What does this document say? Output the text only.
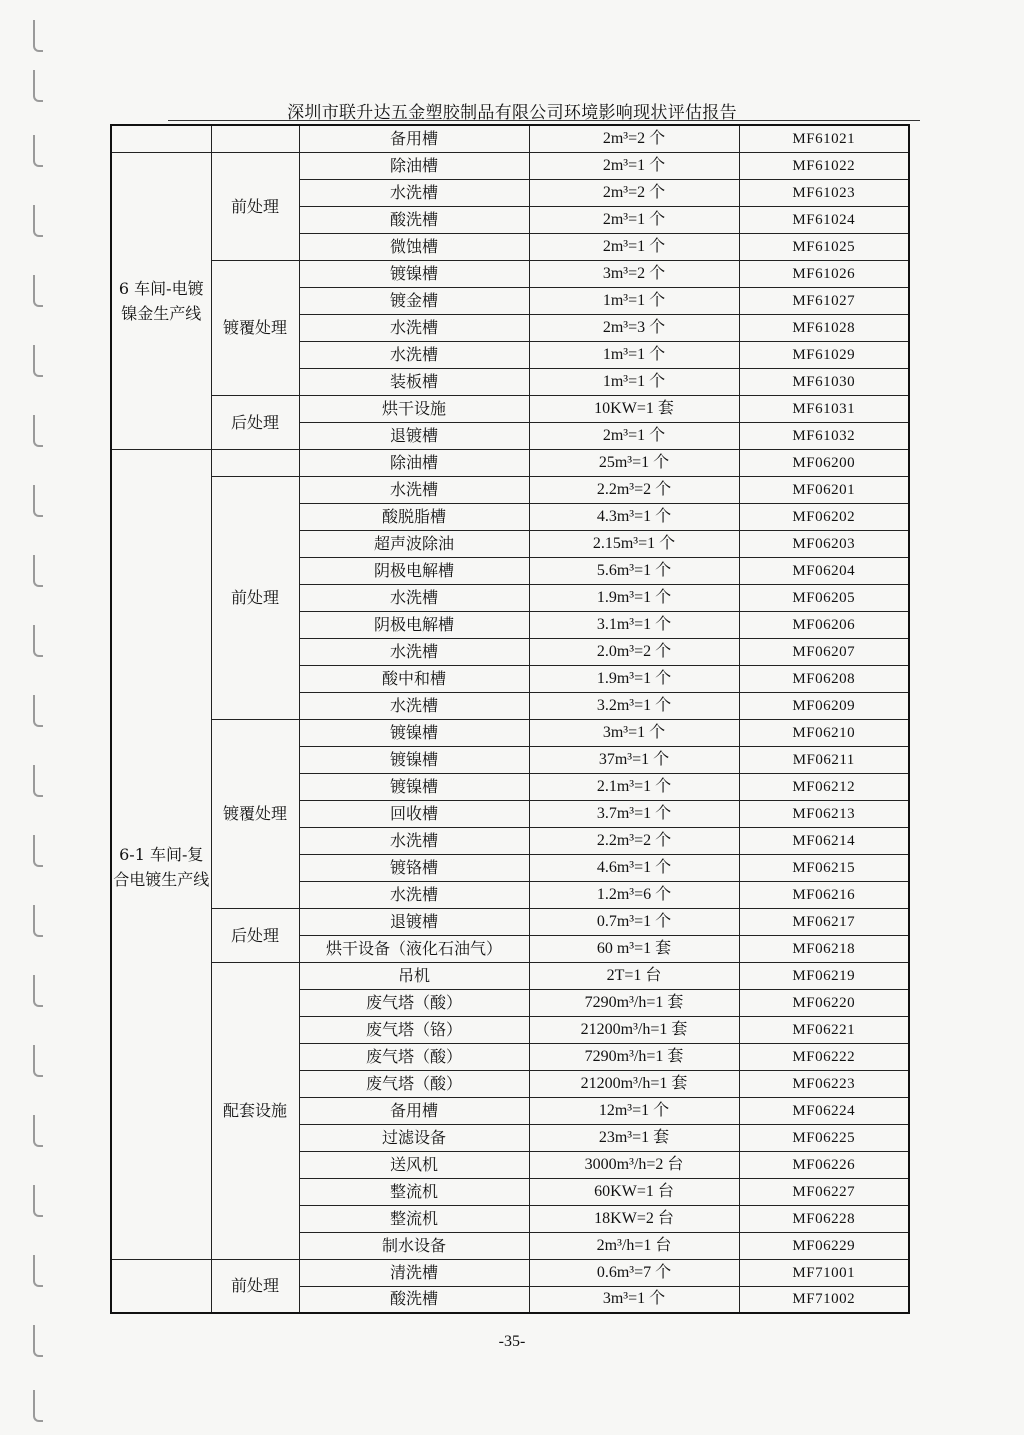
深圳市联升达五金塑胶制品有限公司环境影响现状评估报告
		备用槽	2m³=2 个	MF61021
6 车间-电镀镍金生产线	前处理	除油槽	2m³=1 个	MF61022
		水洗槽	2m³=2 个	MF61023
		酸洗槽	2m³=1 个	MF61024
		微蚀槽	2m³=1 个	MF61025
	镀覆处理	镀镍槽	3m³=2 个	MF61026
		镀金槽	1m³=1 个	MF61027
		水洗槽	2m³=3 个	MF61028
		水洗槽	1m³=1 个	MF61029
		装板槽	1m³=1 个	MF61030
	后处理	烘干设施	10KW=1 套	MF61031
		退镀槽	2m³=1 个	MF61032
		除油槽	25m³=1 个	MF06200
6-1 车间-复合电镀生产线	前处理	水洗槽	2.2m³=2 个	MF06201
		酸脱脂槽	4.3m³=1 个	MF06202
		超声波除油	2.15m³=1 个	MF06203
		阴极电解槽	5.6m³=1 个	MF06204
		水洗槽	1.9m³=1 个	MF06205
		阴极电解槽	3.1m³=1 个	MF06206
		水洗槽	2.0m³=2 个	MF06207
		酸中和槽	1.9m³=1 个	MF06208
		水洗槽	3.2m³=1 个	MF06209
	镀覆处理	镀镍槽	3m³=1 个	MF06210
		镀镍槽	37m³=1 个	MF06211
		镀镍槽	2.1m³=1 个	MF06212
		回收槽	3.7m³=1 个	MF06213
		水洗槽	2.2m³=2 个	MF06214
		镀铬槽	4.6m³=1 个	MF06215
		水洗槽	1.2m³=6 个	MF06216
	后处理	退镀槽	0.7m³=1 个	MF06217
		烘干设备（液化石油气）	60 m³=1 套	MF06218
	配套设施	吊机	2T=1 台	MF06219
		废气塔（酸）	7290m³/h=1 套	MF06220
		废气塔（铬）	21200m³/h=1 套	MF06221
		废气塔（酸）	7290m³/h=1 套	MF06222
		废气塔（酸）	21200m³/h=1 套	MF06223
		备用槽	12m³=1 个	MF06224
		过滤设备	23m³=1 套	MF06225
		送风机	3000m³/h=2 台	MF06226
		整流机	60KW=1 台	MF06227
		整流机	18KW=2 台	MF06228
		制水设备	2m³/h=1 台	MF06229
	前处理	清洗槽	0.6m³=7 个	MF71001
		酸洗槽	3m³=1 个	MF71002
-35-
